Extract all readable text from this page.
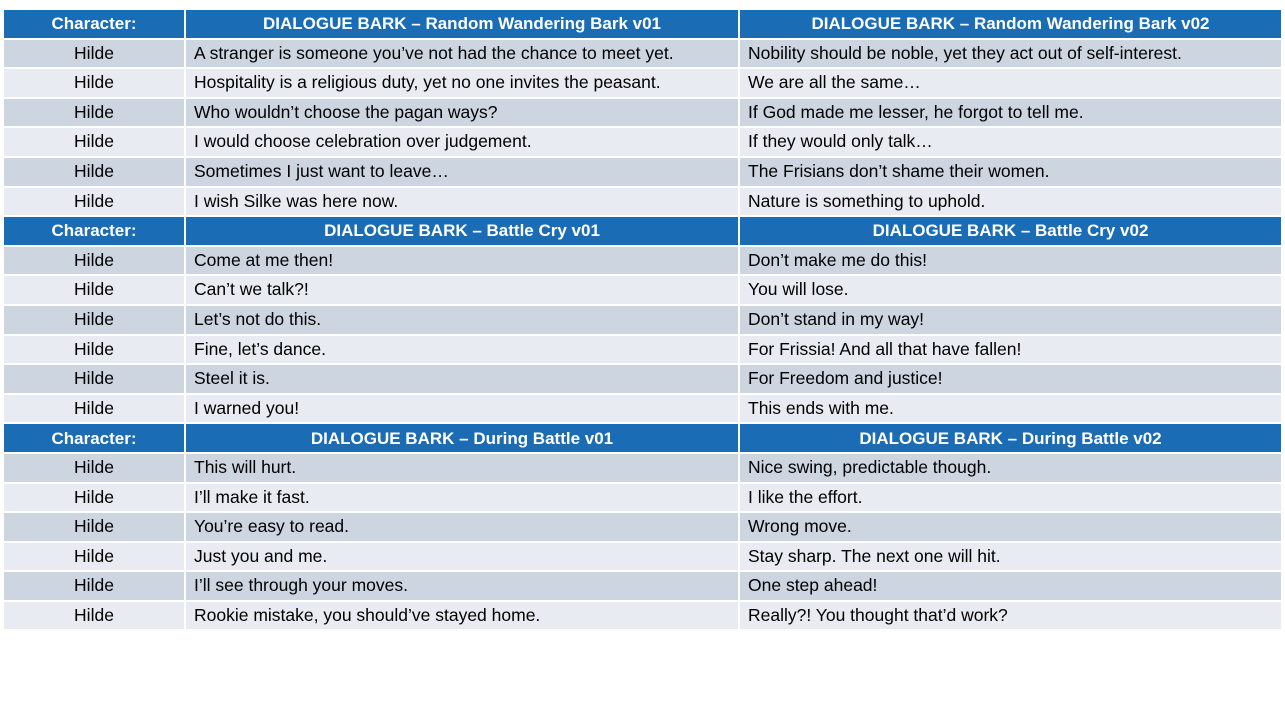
Character:	DIALOGUE BARK – Random Wandering Bark v01	DIALOGUE BARK – Random Wandering Bark v02
Hilde	A stranger is someone you’ve not had the chance to meet yet.	Nobility should be noble, yet they act out of self-interest.
Hilde	Hospitality is a religious duty, yet no one invites the peasant.	We are all the same…
Hilde	Who wouldn’t choose the pagan ways?	If God made me lesser, he forgot to tell me.
Hilde	I would choose celebration over judgement.	If they would only talk…
Hilde	Sometimes I just want to leave…	The Frisians don’t shame their women.
Hilde	I wish Silke was here now.	Nature is something to uphold.
Character:	DIALOGUE BARK – Battle Cry v01	DIALOGUE BARK – Battle Cry v02
Hilde	Come at me then!	Don’t make me do this!
Hilde	Can’t we talk?!	You will lose.
Hilde	Let’s not do this.	Don’t stand in my way!
Hilde	Fine, let’s dance.	For Frissia! And all that have fallen!
Hilde	Steel it is.	For Freedom and justice!
Hilde	I warned you!	This ends with me.
Character:	DIALOGUE BARK – During Battle v01	DIALOGUE BARK – During Battle v02
Hilde	This will hurt.	Nice swing, predictable though.
Hilde	I’ll make it fast.	I like the effort.
Hilde	You’re easy to read.	Wrong move.
Hilde	Just you and me.	Stay sharp. The next one will hit.
Hilde	I’ll see through your moves.	One step ahead!
Hilde	Rookie mistake, you should’ve stayed home.	Really?! You thought that’d work?
